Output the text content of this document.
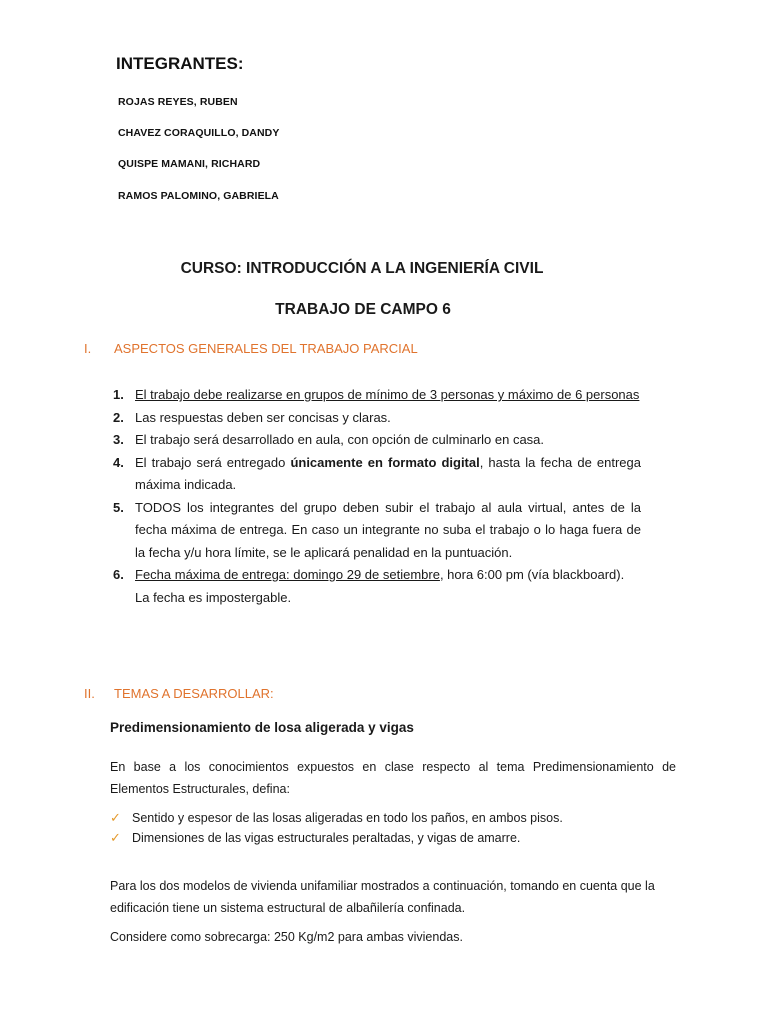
INTEGRANTES:
ROJAS REYES, RUBEN
CHAVEZ CORAQUILLO, DANDY
QUISPE MAMANI, RICHARD
RAMOS PALOMINO, GABRIELA
CURSO: INTRODUCCIÓN A LA INGENIERÍA CIVIL
TRABAJO DE CAMPO 6
I. ASPECTOS GENERALES DEL TRABAJO PARCIAL
1. El trabajo debe realizarse en grupos de mínimo de 3 personas y máximo de 6 personas
2. Las respuestas deben ser concisas y claras.
3. El trabajo será desarrollado en aula, con opción de culminarlo en casa.
4. El trabajo será entregado únicamente en formato digital, hasta la fecha de entrega máxima indicada.
5. TODOS los integrantes del grupo deben subir el trabajo al aula virtual, antes de la fecha máxima de entrega. En caso un integrante no suba el trabajo o lo haga fuera de la fecha y/u hora límite, se le aplicará penalidad en la puntuación.
6. Fecha máxima de entrega: domingo 29 de setiembre, hora 6:00 pm (vía blackboard).
La fecha es impostergable.
II. TEMAS A DESARROLLAR:
Predimensionamiento de losa aligerada y vigas
En base a los conocimientos expuestos en clase respecto al tema Predimensionamiento de Elementos Estructurales, defina:
✓ Sentido y espesor de las losas aligeradas en todo los paños, en ambos pisos.
✓ Dimensiones de las vigas estructurales peraltadas, y vigas de amarre.
Para los dos modelos de vivienda unifamiliar mostrados a continuación, tomando en cuenta que la edificación tiene un sistema estructural de albañilería confinada.
Considere como sobrecarga: 250 Kg/m2 para ambas viviendas.
